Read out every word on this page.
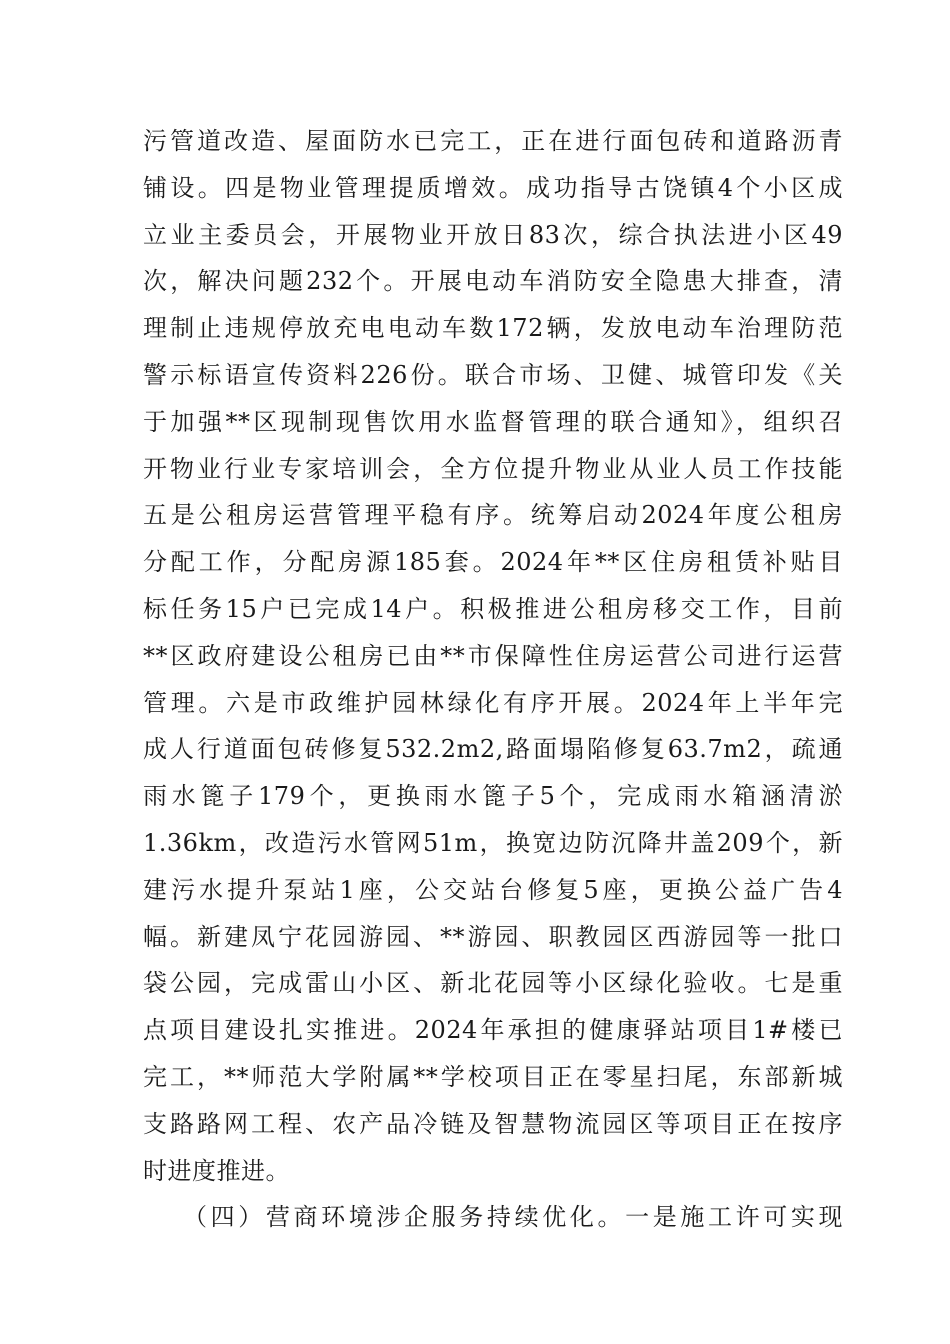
污管道改造、屋面防水已完工，正在进行面包砖和道路沥青
铺设。四是物业管理提质增效。成功指导古饶镇4个小区成
立业主委员会，开展物业开放日83次，综合执法进小区49
次，解决问题232个。开展电动车消防安全隐患大排查，清
理制止违规停放充电电动车数172辆，发放电动车治理防范
警示标语宣传资料226份。联合市场、卫健、城管印发《关
于加强**区现制现售饮用水监督管理的联合通知》，组织召
开物业行业专家培训会，全方位提升物业从业人员工作技能
五是公租房运营管理平稳有序。统筹启动2024年度公租房
分配工作，分配房源185套。2024年**区住房租赁补贴目
标任务15户已完成14户。积极推进公租房移交工作，目前
**区政府建设公租房已由**市保障性住房运营公司进行运营
管理。六是市政维护园林绿化有序开展。2024年上半年完
成人行道面包砖修复532.2m2,路面塌陷修复63.7m2，疏通
雨水篦子179个，更换雨水篦子5个，完成雨水箱涵清淤
1.36km，改造污水管网51m，换宽边防沉降井盖209个，新
建污水提升泵站1座，公交站台修复5座，更换公益广告4
幅。新建凤宁花园游园、**游园、职教园区西游园等一批口
袋公园，完成雷山小区、新北花园等小区绿化验收。七是重
点项目建设扎实推进。2024年承担的健康驿站项目1#楼已
完工，**师范大学附属**学校项目正在零星扫尾，东部新城
支路路网工程、农产品冷链及智慧物流园区等项目正在按序
时进度推进。
（四）营商环境涉企服务持续优化。一是施工许可实现
